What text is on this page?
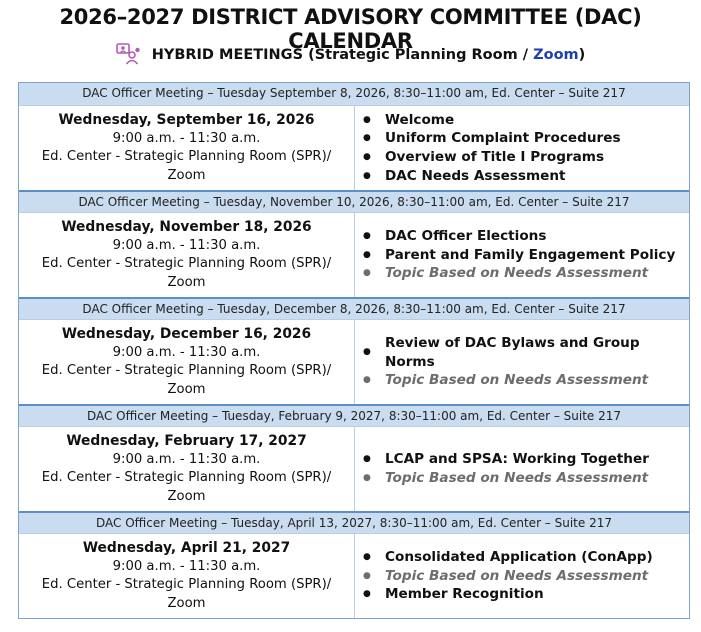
2026–2027 DISTRICT ADVISORY COMMITTEE (DAC) CALENDAR
HYBRID MEETINGS (Strategic Planning Room / Zoom)
DAC Officer Meeting – Tuesday September 8, 2026, 8:30–11:00 am, Ed. Center – Suite 217
Wednesday, September 16, 2026
9:00 a.m. - 11:30 a.m.
Ed. Center - Strategic Planning Room (SPR)/
Zoom
●	Welcome
●	Uniform Complaint Procedures
●	Overview of Title I Programs
●	DAC Needs Assessment
DAC Officer Meeting – Tuesday, November 10, 2026, 8:30–11:00 am, Ed. Center – Suite 217
Wednesday, November 18, 2026
9:00 a.m. - 11:30 a.m.
Ed. Center - Strategic Planning Room (SPR)/
Zoom
●	DAC Officer Elections
●	Parent and Family Engagement Policy
●	Topic Based on Needs Assessment
DAC Officer Meeting – Tuesday, December 8, 2026, 8:30–11:00 am, Ed. Center – Suite 217
Wednesday, December 16, 2026
9:00 a.m. - 11:30 a.m.
Ed. Center - Strategic Planning Room (SPR)/
Zoom
●
Review of DAC Bylaws and Group Norms
●	Topic Based on Needs Assessment
DAC Officer Meeting – Tuesday, February 9, 2027, 8:30–11:00 am, Ed. Center – Suite 217
Wednesday, February 17, 2027
9:00 a.m. - 11:30 a.m.
Ed. Center - Strategic Planning Room (SPR)/
Zoom
●	LCAP and SPSA: Working Together
●	Topic Based on Needs Assessment
DAC Officer Meeting – Tuesday, April 13, 2027, 8:30–11:00 am, Ed. Center – Suite 217
Wednesday, April 21, 2027
9:00 a.m. - 11:30 a.m.
Ed. Center - Strategic Planning Room (SPR)/
Zoom
●	Consolidated Application (ConApp)
●	Topic Based on Needs Assessment
●	Member Recognition
